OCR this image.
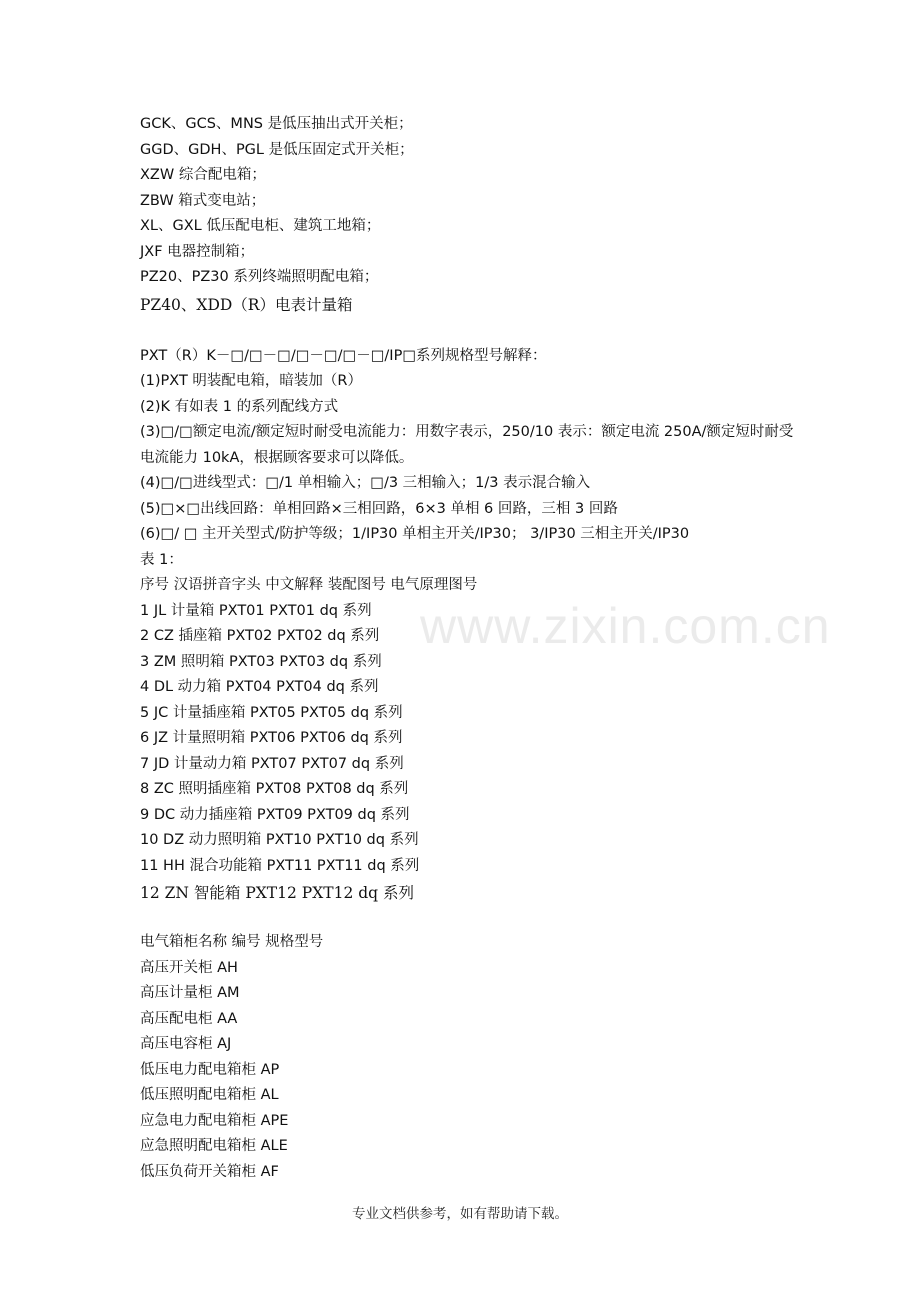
www.zixin.com.cn
GCK、GCS、MNS 是低压抽出式开关柜；
GGD、GDH、PGL 是低压固定式开关柜；
XZW 综合配电箱；
ZBW 箱式变电站；
XL、GXL 低压配电柜、建筑工地箱；
JXF 电器控制箱；
PZ20、PZ30 系列终端照明配电箱；
PZ40、XDD（R）电表计量箱
PXT（R）K－□/□－□/□－□/□－□/IP□系列规格型号解释：
(1)PXT 明装配电箱，暗装加（R）
(2)K 有如表 1 的系列配线方式
(3)□/□额定电流/额定短时耐受电流能力：用数字表示，250/10 表示：额定电流 250A/额定短时耐受电流能力 10kA，根据顾客要求可以降低。
(4)□/□进线型式：□/1 单相输入；□/3 三相输入；1/3 表示混合输入
(5)□×□出线回路：单相回路×三相回路，6×3 单相 6 回路，三相 3 回路
(6)□/ □ 主开关型式/防护等级；1/IP30 单相主开关/IP30； 3/IP30 三相主开关/IP30
表 1：
序号 汉语拼音字头 中文解释 装配图号 电气原理图号
1 JL 计量箱 PXT01 PXT01 dq 系列
2 CZ 插座箱 PXT02 PXT02 dq 系列
3 ZM 照明箱 PXT03 PXT03 dq 系列
4 DL 动力箱 PXT04 PXT04 dq 系列
5 JC 计量插座箱 PXT05 PXT05 dq 系列
6 JZ 计量照明箱 PXT06 PXT06 dq 系列
7 JD 计量动力箱 PXT07 PXT07 dq 系列
8 ZC 照明插座箱 PXT08 PXT08 dq 系列
9 DC 动力插座箱 PXT09 PXT09 dq 系列
10 DZ 动力照明箱 PXT10 PXT10 dq 系列
11 HH 混合功能箱 PXT11 PXT11 dq 系列
12 ZN 智能箱 PXT12 PXT12 dq 系列
电气箱柜名称 编号 规格型号
高压开关柜 AH
高压计量柜 AM
高压配电柜 AA
高压电容柜 AJ
低压电力配电箱柜 AP
低压照明配电箱柜 AL
应急电力配电箱柜 APE
应急照明配电箱柜 ALE
低压负荷开关箱柜 AF
专业文档供参考，如有帮助请下载。
